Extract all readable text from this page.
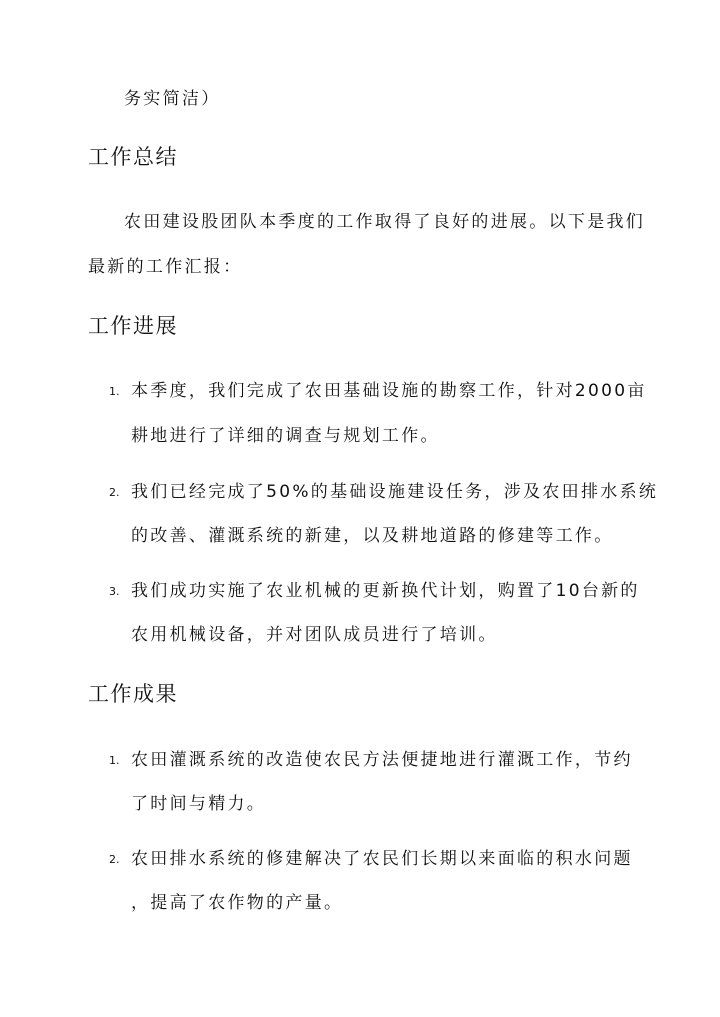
务实简洁）
工作总结
农田建设股团队本季度的工作取得了良好的进展。以下是我们
最新的工作汇报：
工作进展
1. 本季度，我们完成了农田基础设施的勘察工作，针对2000亩
耕地进行了详细的调查与规划工作。
2. 我们已经完成了50%的基础设施建设任务，涉及农田排水系统
的改善、灌溉系统的新建，以及耕地道路的修建等工作。
3. 我们成功实施了农业机械的更新换代计划，购置了10台新的
农用机械设备，并对团队成员进行了培训。
工作成果
1. 农田灌溉系统的改造使农民方法便捷地进行灌溉工作，节约
了时间与精力。
2. 农田排水系统的修建解决了农民们长期以来面临的积水问题
，提高了农作物的产量。
